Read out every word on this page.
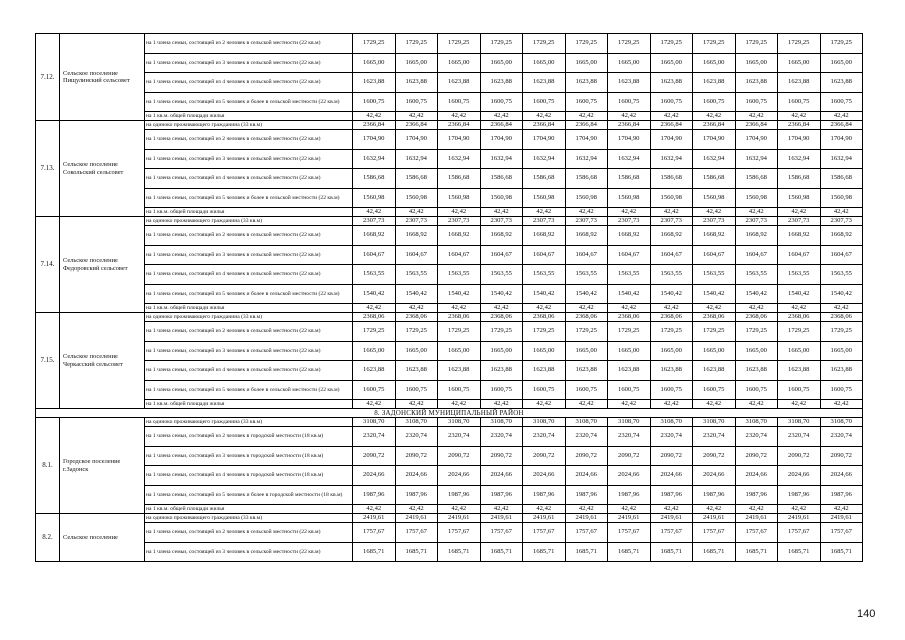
7.12.	Сельское поселение Пищулинский сельсовет	на 1 члена семьи, состоящей из 2 человек в сельской местности (22 кв.м)	1729,25	1729,25	1729,25	1729,25	1729,25	1729,25	1729,25	1729,25	1729,25	1729,25	1729,25	1729,25
		на 1 члена семьи, состоящей из 3 человек в сельской местности (22 кв.м)	1665,00	1665,00	1665,00	1665,00	1665,00	1665,00	1665,00	1665,00	1665,00	1665,00	1665,00	1665,00
		на 1 члена семьи, состоящей из 4 человек в сельской местности (22 кв.м)	1623,88	1623,88	1623,88	1623,88	1623,88	1623,88	1623,88	1623,88	1623,88	1623,88	1623,88	1623,88
		на 1 члена семьи, состоящей из 5 человек и более в сельской местности (22 кв.м)	1600,75	1600,75	1600,75	1600,75	1600,75	1600,75	1600,75	1600,75	1600,75	1600,75	1600,75	1600,75
		на 1 кв.м. общей площади жилья	42,42	42,42	42,42	42,42	42,42	42,42	42,42	42,42	42,42	42,42	42,42	42,42
7.13.	Сельское поселение Сокольский сельсовет	на одиноко проживающего гражданина (33 кв.м)	2366,84	2366,84	2366,84	2366,84	2366,84	2366,84	2366,84	2366,84	2366,84	2366,84	2366,84	2366,84
		на 1 члена семьи, состоящей из 2 человек в сельской местности (22 кв.м)	1704,90	1704,90	1704,90	1704,90	1704,90	1704,90	1704,90	1704,90	1704,90	1704,90	1704,90	1704,90
		на 1 члена семьи, состоящей из 3 человек в сельской местности (22 кв.м)	1632,94	1632,94	1632,94	1632,94	1632,94	1632,94	1632,94	1632,94	1632,94	1632,94	1632,94	1632,94
		на 1 члена семьи, состоящей из 4 человек в сельской местности (22 кв.м)	1586,68	1586,68	1586,68	1586,68	1586,68	1586,68	1586,68	1586,68	1586,68	1586,68	1586,68	1586,68
		на 1 члена семьи, состоящей из 5 человек и более в сельской местности (22 кв.м)	1560,98	1560,98	1560,98	1560,98	1560,98	1560,98	1560,98	1560,98	1560,98	1560,98	1560,98	1560,98
		на 1 кв.м. общей площади жилья	42,42	42,42	42,42	42,42	42,42	42,42	42,42	42,42	42,42	42,42	42,42	42,42
7.14.	Сельское поселение Федоровский сельсовет	на одиноко проживающего гражданина (33 кв.м)	2307,73	2307,73	2307,73	2307,73	2307,73	2307,73	2307,73	2307,73	2307,73	2307,73	2307,73	2307,73
		на 1 члена семьи, состоящей из 2 человек в сельской местности (22 кв.м)	1668,92	1668,92	1668,92	1668,92	1668,92	1668,92	1668,92	1668,92	1668,92	1668,92	1668,92	1668,92
		на 1 члена семьи, состоящей из 3 человек в сельской местности (22 кв.м)	1604,67	1604,67	1604,67	1604,67	1604,67	1604,67	1604,67	1604,67	1604,67	1604,67	1604,67	1604,67
		на 1 члена семьи, состоящей из 4 человек в сельской местности (22 кв.м)	1563,55	1563,55	1563,55	1563,55	1563,55	1563,55	1563,55	1563,55	1563,55	1563,55	1563,55	1563,55
		на 1 члена семьи, состоящей из 5 человек и более в сельской местности (22 кв.м)	1540,42	1540,42	1540,42	1540,42	1540,42	1540,42	1540,42	1540,42	1540,42	1540,42	1540,42	1540,42
		на 1 кв.м. общей площади жилья	42,42	42,42	42,42	42,42	42,42	42,42	42,42	42,42	42,42	42,42	42,42	42,42
7.15.	Сельское поселение Черкасский сельсовет	на одиноко проживающего гражданина (33 кв.м)	2368,06	2368,06	2368,06	2368,06	2368,06	2368,06	2368,06	2368,06	2368,06	2368,06	2368,06	2368,06
		на 1 члена семьи, состоящей из 2 человек в сельской местности (22 кв.м)	1729,25	1729,25	1729,25	1729,25	1729,25	1729,25	1729,25	1729,25	1729,25	1729,25	1729,25	1729,25
		на 1 члена семьи, состоящей из 3 человек в сельской местности (22 кв.м)	1665,00	1665,00	1665,00	1665,00	1665,00	1665,00	1665,00	1665,00	1665,00	1665,00	1665,00	1665,00
		на 1 члена семьи, состоящей из 4 человек в сельской местности (22 кв.м)	1623,88	1623,88	1623,88	1623,88	1623,88	1623,88	1623,88	1623,88	1623,88	1623,88	1623,88	1623,88
		на 1 члена семьи, состоящей из 5 человек и более в сельской местности (22 кв.м)	1600,75	1600,75	1600,75	1600,75	1600,75	1600,75	1600,75	1600,75	1600,75	1600,75	1600,75	1600,75
		на 1 кв.м. общей площади жилья	42,42	42,42	42,42	42,42	42,42	42,42	42,42	42,42	42,42	42,42	42,42	42,42
8. ЗАДОНСКИЙ МУНИЦИПАЛЬНЫЙ РАЙОН														
8.1.	Городское поселение г.Задонск	на одиноко проживающего гражданина (33 кв.м)	3108,70	3108,70	3108,70	3108,70	3108,70	3108,70	3108,70	3108,70	3108,70	3108,70	3108,70	3108,70
		на 1 члена семьи, состоящей из 2 человек в городской местности (18 кв.м)	2320,74	2320,74	2320,74	2320,74	2320,74	2320,74	2320,74	2320,74	2320,74	2320,74	2320,74	2320,74
		на 1 члена семьи, состоящей из 3 человек в городской местности (18 кв.м)	2090,72	2090,72	2090,72	2090,72	2090,72	2090,72	2090,72	2090,72	2090,72	2090,72	2090,72	2090,72
		на 1 члена семьи, состоящей из 4 человек в городской местности (18 кв.м)	2024,66	2024,66	2024,66	2024,66	2024,66	2024,66	2024,66	2024,66	2024,66	2024,66	2024,66	2024,66
		на 1 члена семьи, состоящей из 5 человек и более в городской местности (18 кв.м)	1987,96	1987,96	1987,96	1987,96	1987,96	1987,96	1987,96	1987,96	1987,96	1987,96	1987,96	1987,96
		на 1 кв.м. общей площади жилья	42,42	42,42	42,42	42,42	42,42	42,42	42,42	42,42	42,42	42,42	42,42	42,42
8.2.	Сельское поселение	на одиноко проживающего гражданина (33 кв.м)	2419,61	2419,61	2419,61	2419,61	2419,61	2419,61	2419,61	2419,61	2419,61	2419,61	2419,61	2419,61
		на 1 члена семьи, состоящей из 2 человек в сельской местности (22 кв.м)	1757,67	1757,67	1757,67	1757,67	1757,67	1757,67	1757,67	1757,67	1757,67	1757,67	1757,67	1757,67
		на 1 члена семьи, состоящей из 3 человек в сельской местности (22 кв.м)	1685,71	1685,71	1685,71	1685,71	1685,71	1685,71	1685,71	1685,71	1685,71	1685,71	1685,71	1685,71
140
